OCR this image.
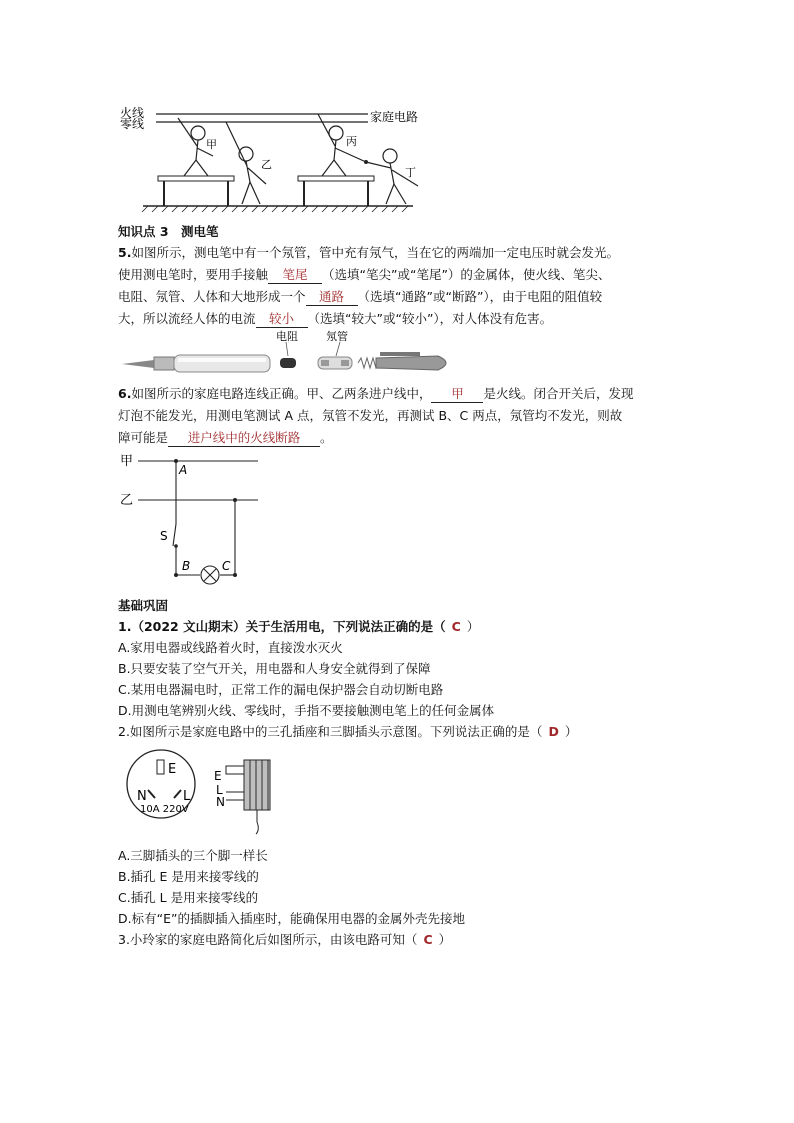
火线
零线	家庭电路
甲
乙
丙
丁
知识点 3　测电笔
5.如图所示，测电笔中有一个氖管，管中充有氖气，当在它的两端加一定电压时就会发光。
使用测电笔时，要用手接触 笔尾 （选填“笔尖”或“笔尾”）的金属体，使火线、笔尖、
电阻、氖管、人体和大地形成一个 通路 （选填“通路”或“断路”），由于电阻的阻值较
大，所以流经人体的电流 较小 （选填“较大”或“较小”），对人体没有危害。
电阻	氖管
6.如图所示的家庭电路连线正确。甲、乙两条进户线中， 甲 是火线。闭合开关后，发现
灯泡不能发光，用测电笔测试 A 点，氖管不发光，再测试 B、C 两点，氖管均不发光，则故
障可能是 进户线中的火线断路 。
甲
乙
A
S
B	C
基础巩固
1.（2022 文山期末）关于生活用电，下列说法正确的是（ C ）
A.家用电器或线路着火时，直接泼水灭火
B.只要安装了空气开关，用电器和人身安全就得到了保障
C.某用电器漏电时，正常工作的漏电保护器会自动切断电路
D.用测电笔辨别火线、零线时，手指不要接触测电笔上的任何金属体
2.如图所示是家庭电路中的三孔插座和三脚插头示意图。下列说法正确的是（ D ）
E
N	L
10A 220V
E
L
N
A.三脚插头的三个脚一样长
B.插孔 E 是用来接零线的
C.插孔 L 是用来接零线的
D.标有“E”的插脚插入插座时，能确保用电器的金属外壳先接地
3.小玲家的家庭电路简化后如图所示，由该电路可知（ C ）
